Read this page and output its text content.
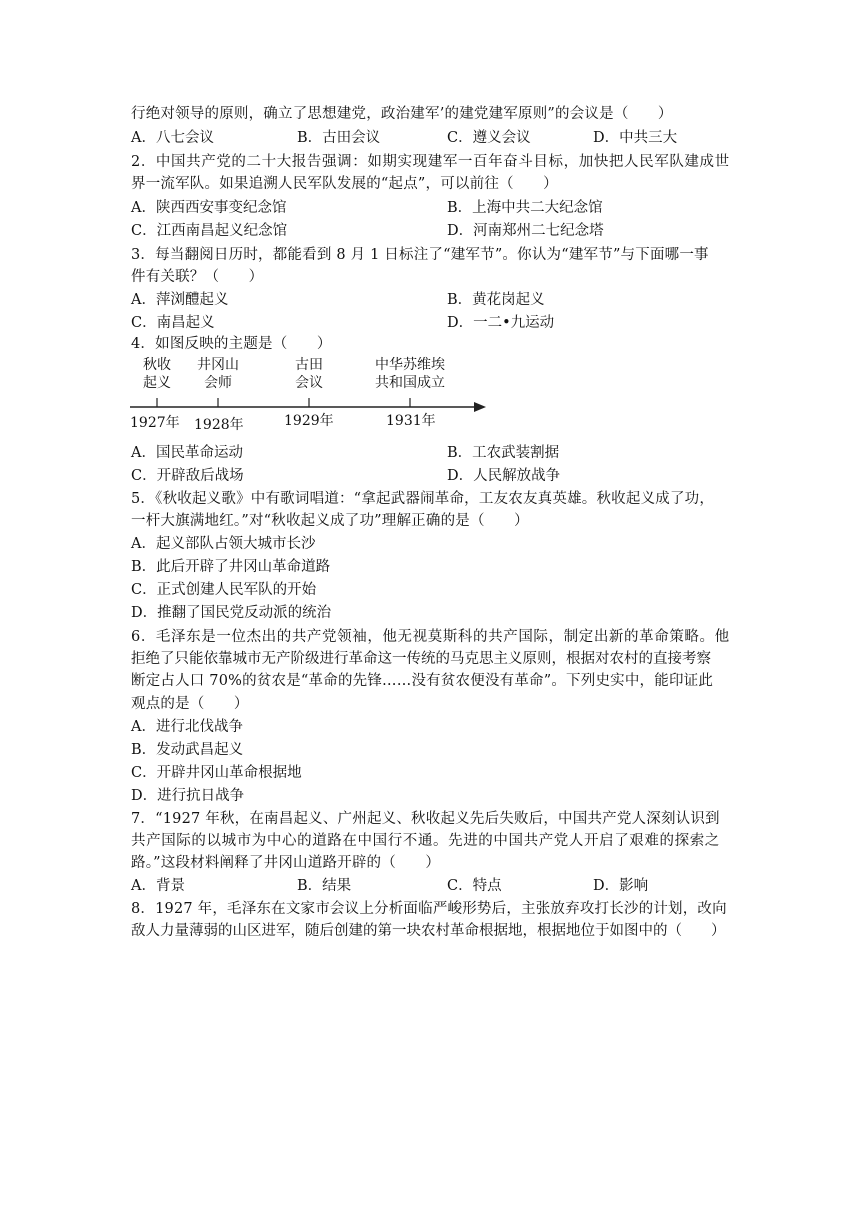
行绝对领导的原则，确立了思想建党，政治建军’的建党建军原则”的会议是（　　）
A．八七会议	B．古田会议	C．遵义会议	D．中共三大
2．中国共产党的二十大报告强调：如期实现建军一百年奋斗目标，加快把人民军队建成世
界一流军队。如果追溯人民军队发展的“起点”，可以前往（　　）
A．陕西西安事变纪念馆	B．上海中共二大纪念馆
C．江西南昌起义纪念馆	D．河南郑州二七纪念塔
3．每当翻阅日历时，都能看到 8 月 1 日标注了“建军节”。你认为“建军节”与下面哪一事
件有关联？（　　）
A．萍浏醴起义	B．黄花岗起义
C．南昌起义	D．一二•九运动
4．如图反映的主题是（　　）
秋收
起义
井冈山
会师
古田
会议
中华苏维埃
共和国成立
1927年 1928年	1929年	1931年
A．国民革命运动	B．工农武装割据
C．开辟敌后战场	D．人民解放战争
5．《秋收起义歌》中有歌词唱道：“拿起武器闹革命，工友农友真英雄。秋收起义成了功，
一杆大旗满地红。”对“秋收起义成了功”理解正确的是（　　）
A．起义部队占领大城市长沙
B．此后开辟了井冈山革命道路
C．正式创建人民军队的开始
D．推翻了国民党反动派的统治
6．毛泽东是一位杰出的共产党领袖，他无视莫斯科的共产国际，制定出新的革命策略。他
拒绝了只能依靠城市无产阶级进行革命这一传统的马克思主义原则，根据对农村的直接考察
断定占人口 70%的贫农是“革命的先锋……没有贫农便没有革命”。下列史实中，能印证此
观点的是（　　）
A．进行北伐战争
B．发动武昌起义
C．开辟井冈山革命根据地
D．进行抗日战争
7．“1927 年秋，在南昌起义、广州起义、秋收起义先后失败后，中国共产党人深刻认识到
共产国际的以城市为中心的道路在中国行不通。先进的中国共产党人开启了艰难的探索之
路。”这段材料阐释了井冈山道路开辟的（　　）
A．背景	B．结果	C．特点	D．影响
8．1927 年，毛泽东在文家市会议上分析面临严峻形势后，主张放弃攻打长沙的计划，改向
敌人力量薄弱的山区进军，随后创建的第一块农村革命根据地，根据地位于如图中的（　　）
